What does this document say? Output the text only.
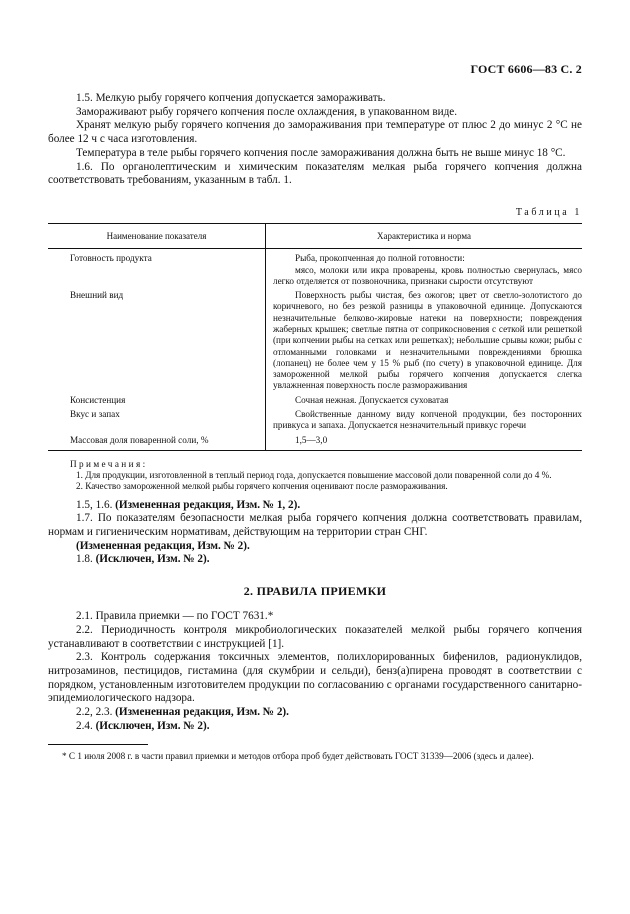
ГОСТ 6606—83 С. 2

1.5. Мелкую рыбу горячего копчения допускается замораживать.

Замораживают рыбу горячего копчения после охлаждения, в упакованном виде.

Хранят мелкую рыбу горячего копчения до замораживания при температуре от плюс 2 до минус 2 °С не более 12 ч с часа изготовления.

Температура в теле рыбы горячего копчения после замораживания должна быть не выше минус 18 °С.

1.6. По органолептическим и химическим показателям мелкая рыба горячего копчения должна соответствовать требованиям, указанным в табл. 1.

Таблица 1
Наименование показателя	Характеристика и норма
Готовность продукта	Рыба, прокопченная до полной готовности:
мясо, молоки или икра проварены, кровь полностью свернулась, мясо легко отделяется от позвоночника, признаки сырости отсутствуют

Внешний вид	Поверхность рыбы чистая, без ожогов; цвет от светло-золотистого до коричневого, но без резкой разницы в упаковочной единице. Допускаются незначительные белково-жировые натеки на поверхности; повреждения жаберных крышек; светлые пятна от соприкосновения с сеткой или решеткой (при копчении рыбы на сетках или решетках); небольшие срывы кожи; рыбы с отломанными головками и незначительными повреждениями брюшка (лопанец) не более чем у 15 % рыб (по счету) в упаковочной единице. Для замороженной мелкой рыбы горячего копчения допускается слегка увлажненная поверхность после размораживания

Консистенция	Сочная нежная. Допускается суховатая

Вкус и запах	Свойственные данному виду копченой продукции, без посторонних привкуса и запаха. Допускается незначительный привкус горечи

Массовая доля поваренной соли, %	1,5—3,0
Примечания:
1. Для продукции, изготовленной в теплый период года, допускается повышение массовой доли поваренной соли до 4 %.
2. Качество замороженной мелкой рыбы горячего копчения оценивают после размораживания.

1.5, 1.6. (Измененная редакция, Изм. № 1, 2).

1.7. По показателям безопасности мелкая рыба горячего копчения должна соответствовать правилам, нормам и гигиеническим нормативам, действующим на территории стран СНГ.

(Измененная редакция, Изм. № 2).

1.8. (Исключен, Изм. № 2).

2. ПРАВИЛА ПРИЕМКИ

2.1. Правила приемки — по ГОСТ 7631.*

2.2. Периодичность контроля микробиологических показателей мелкой рыбы горячего копчения устанавливают в соответствии с инструкцией [1].

2.3. Контроль содержания токсичных элементов, полихлорированных бифенилов, радионуклидов, нитрозаминов, пестицидов, гистамина (для скумбрии и сельди), бенз(а)пирена проводят в соответствии с порядком, установленным изготовителем продукции по согласованию с органами государственного санитарно-эпидемиологического надзора.

2.2, 2.3. (Измененная редакция, Изм. № 2).

2.4. (Исключен, Изм. № 2).

* С 1 июля 2008 г. в части правил приемки и методов отбора проб будет действовать ГОСТ 31339—2006 (здесь и далее).
